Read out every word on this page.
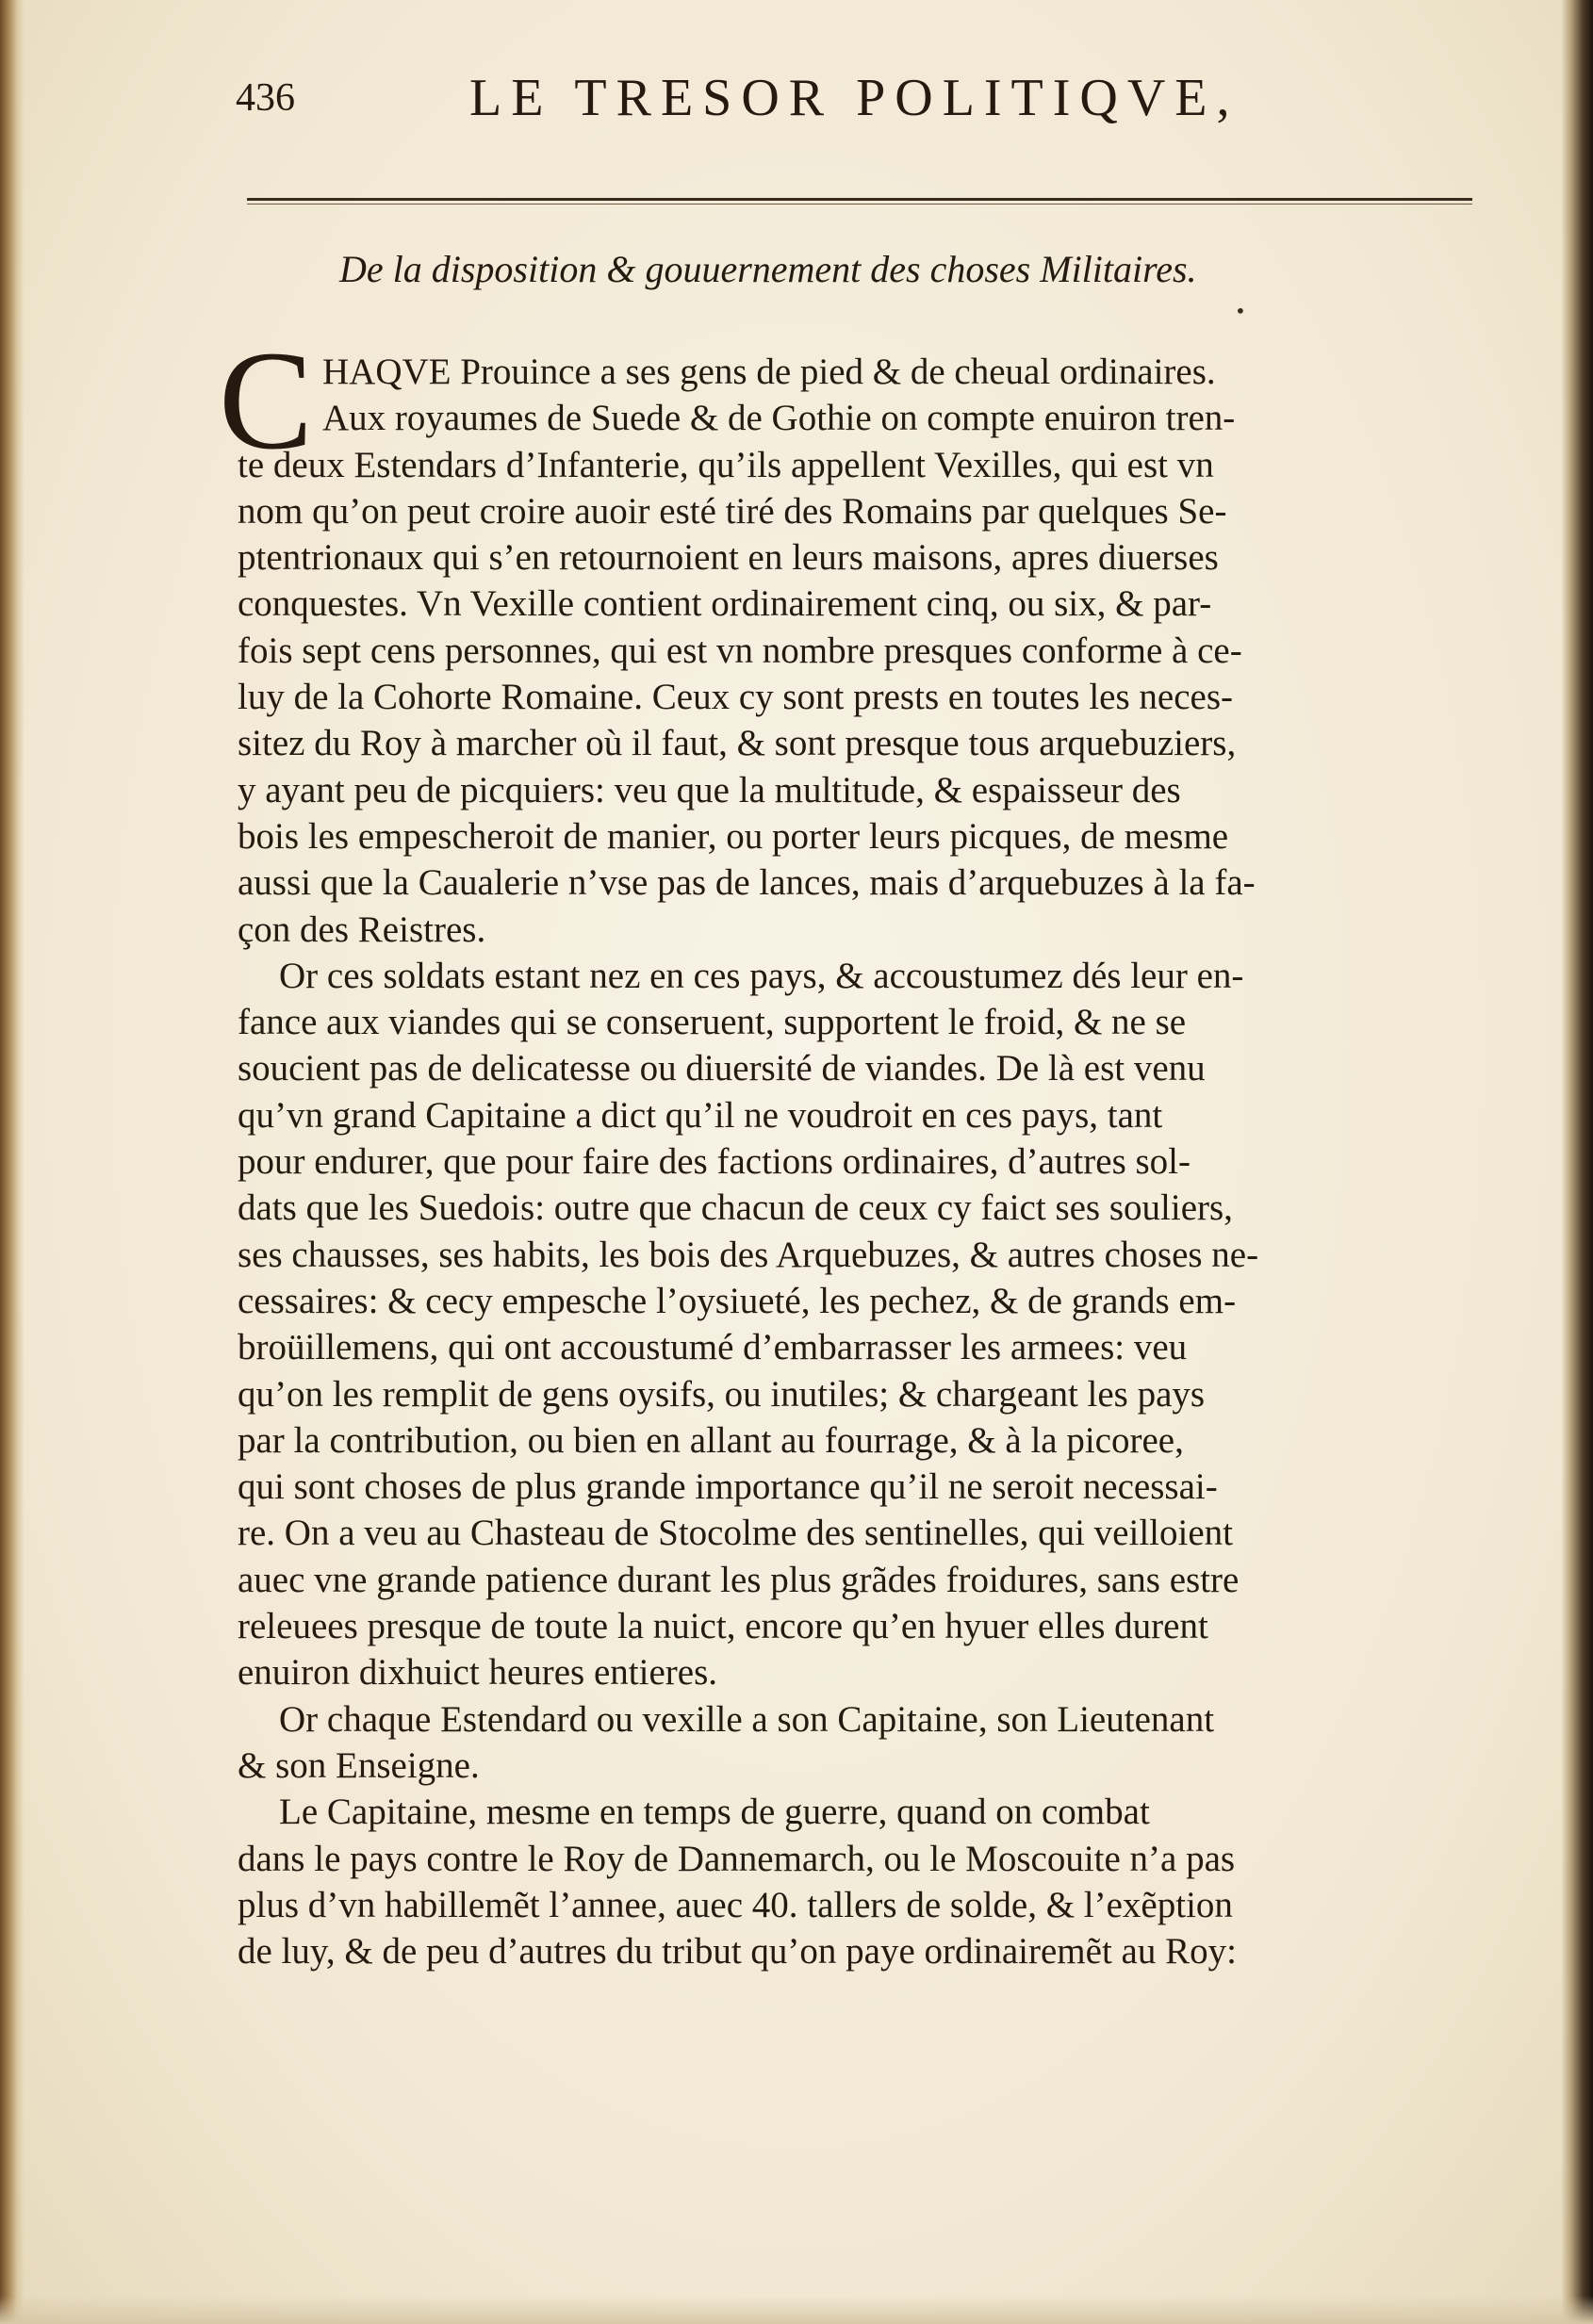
436	LE TRESOR POLITIQVE,
De la disposition & gouuernement des choses Militaires.
•
C HAQVE Prouince a ses gens de pied & de cheual ordinaires.
Aux royaumes de Suede & de Gothie on compte enuiron tren-
te deux Estendars d’Infanterie, qu’ils appellent Vexilles, qui est vn
nom qu’on peut croire auoir esté tiré des Romains par quelques Se-
ptentrionaux qui s’en retournoient en leurs maisons, apres diuerses
conquestes. Vn Vexille contient ordinairement cinq, ou six, & par-
fois sept cens personnes, qui est vn nombre presques conforme à ce-
luy de la Cohorte Romaine. Ceux cy sont prests en toutes les neces-
sitez du Roy à marcher où il faut, & sont presque tous arquebuziers,
y ayant peu de picquiers: veu que la multitude, & espaisseur des
bois les empescheroit de manier, ou porter leurs picques, de mesme
aussi que la Caualerie n’vse pas de lances, mais d’arquebuzes à la fa-
çon des Reistres.
Or ces soldats estant nez en ces pays, & accoustumez dés leur en-
fance aux viandes qui se conseruent, supportent le froid, & ne se
soucient pas de delicatesse ou diuersité de viandes. De là est venu
qu’vn grand Capitaine a dict qu’il ne voudroit en ces pays, tant
pour endurer, que pour faire des factions ordinaires, d’autres sol-
dats que les Suedois: outre que chacun de ceux cy faict ses souliers,
ses chausses, ses habits, les bois des Arquebuzes, & autres choses ne-
cessaires: & cecy empesche l’oysiueté, les pechez, & de grands em-
broüillemens, qui ont accoustumé d’embarrasser les armees: veu
qu’on les remplit de gens oysifs, ou inutiles; & chargeant les pays
par la contribution, ou bien en allant au fourrage, & à la picoree,
qui sont choses de plus grande importance qu’il ne seroit necessai-
re. On a veu au Chasteau de Stocolme des sentinelles, qui veilloient
auec vne grande patience durant les plus grãdes froidures, sans estre
releuees presque de toute la nuict, encore qu’en hyuer elles durent
enuiron dixhuict heures entieres.
Or chaque Estendard ou vexille a son Capitaine, son Lieutenant
& son Enseigne.
Le Capitaine, mesme en temps de guerre, quand on combat
dans le pays contre le Roy de Dannemarch, ou le Moscouite n’a pas
plus d’vn habillemẽt l’annee, auec 40. tallers de solde, & l’exẽption
de luy, & de peu d’autres du tribut qu’on paye ordinairemẽt au Roy:
